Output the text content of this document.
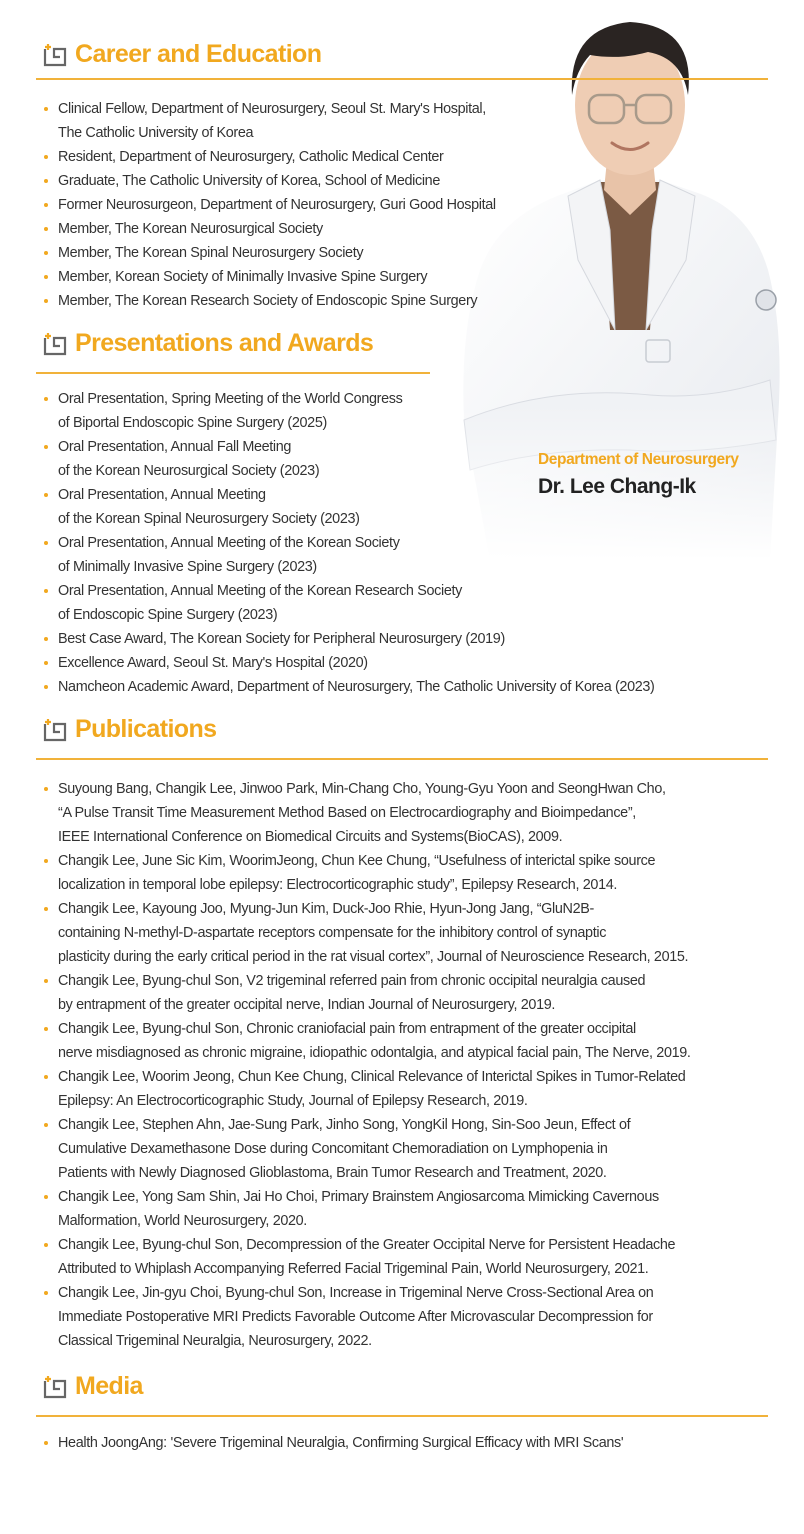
Department of Neurosurgery
Dr. Lee Chang-Ik
Career and Education
Clinical Fellow, Department of Neurosurgery, Seoul St. Mary's Hospital,
The Catholic University of Korea
Resident, Department of Neurosurgery, Catholic Medical Center
Graduate, The Catholic University of Korea, School of Medicine
Former Neurosurgeon, Department of Neurosurgery, Guri Good Hospital
Member, The Korean Neurosurgical Society
Member, The Korean Spinal Neurosurgery Society
Member, Korean Society of Minimally Invasive Spine Surgery
Member, The Korean Research Society of Endoscopic Spine Surgery
Presentations and Awards
Oral Presentation, Spring Meeting of the World Congress
of Biportal Endoscopic Spine Surgery (2025)
Oral Presentation, Annual Fall Meeting
of the Korean Neurosurgical Society (2023)
Oral Presentation, Annual Meeting
of the Korean Spinal Neurosurgery Society (2023)
Oral Presentation, Annual Meeting of the Korean Society
of Minimally Invasive Spine Surgery (2023)
Oral Presentation, Annual Meeting of the Korean Research Society
of Endoscopic Spine Surgery (2023)
Best Case Award, The Korean Society for Peripheral Neurosurgery (2019)
Excellence Award, Seoul St. Mary's Hospital (2020)
Namcheon Academic Award, Department of Neurosurgery, The Catholic University of Korea (2023)
Publications
Suyoung Bang, Changik Lee, Jinwoo Park, Min-Chang Cho, Young-Gyu Yoon and SeongHwan Cho,
“A Pulse Transit Time Measurement Method Based on Electrocardiography and Bioimpedance”,
IEEE International Conference on Biomedical Circuits and Systems(BioCAS), 2009.
Changik Lee, June Sic Kim, WoorimJeong, Chun Kee Chung, “Usefulness of interictal spike source
localization in temporal lobe epilepsy: Electrocorticographic study”, Epilepsy Research, 2014.
Changik Lee, Kayoung Joo, Myung‐Jun Kim, Duck‐Joo Rhie, Hyun‐Jong Jang, “GluN2B‐
containing N‐methyl‐D‐aspartate receptors compensate for the inhibitory control of synaptic
plasticity during the early critical period in the rat visual cortex”, Journal of Neuroscience Research, 2015.
Changik Lee, Byung-chul Son, V2 trigeminal referred pain from chronic occipital neuralgia caused
by entrapment of the greater occipital nerve, Indian Journal of Neurosurgery, 2019.
Changik Lee, Byung-chul Son, Chronic craniofacial pain from entrapment of the greater occipital
nerve misdiagnosed as chronic migraine, idiopathic odontalgia, and atypical facial pain, The Nerve, 2019.
Changik Lee, Woorim Jeong, Chun Kee Chung, Clinical Relevance of Interictal Spikes in Tumor-Related
Epilepsy: An Electrocorticographic Study, Journal of Epilepsy Research, 2019.
Changik Lee, Stephen Ahn, Jae-Sung Park, Jinho Song, YongKil Hong, Sin-Soo Jeun, Effect of
Cumulative Dexamethasone Dose during Concomitant Chemoradiation on Lymphopenia in
Patients with Newly Diagnosed Glioblastoma, Brain Tumor Research and Treatment, 2020.
Changik Lee, Yong Sam Shin, Jai Ho Choi, Primary Brainstem Angiosarcoma Mimicking Cavernous
Malformation, World Neurosurgery, 2020.
Changik Lee, Byung-chul Son, Decompression of the Greater Occipital Nerve for Persistent Headache
Attributed to Whiplash Accompanying Referred Facial Trigeminal Pain, World Neurosurgery, 2021.
Changik Lee, Jin-gyu Choi, Byung-chul Son, Increase in Trigeminal Nerve Cross-Sectional Area on
Immediate Postoperative MRI Predicts Favorable Outcome After Microvascular Decompression for
Classical Trigeminal Neuralgia, Neurosurgery, 2022.
Media
Health JoongAng: 'Severe Trigeminal Neuralgia, Confirming Surgical Efficacy with MRI Scans'
